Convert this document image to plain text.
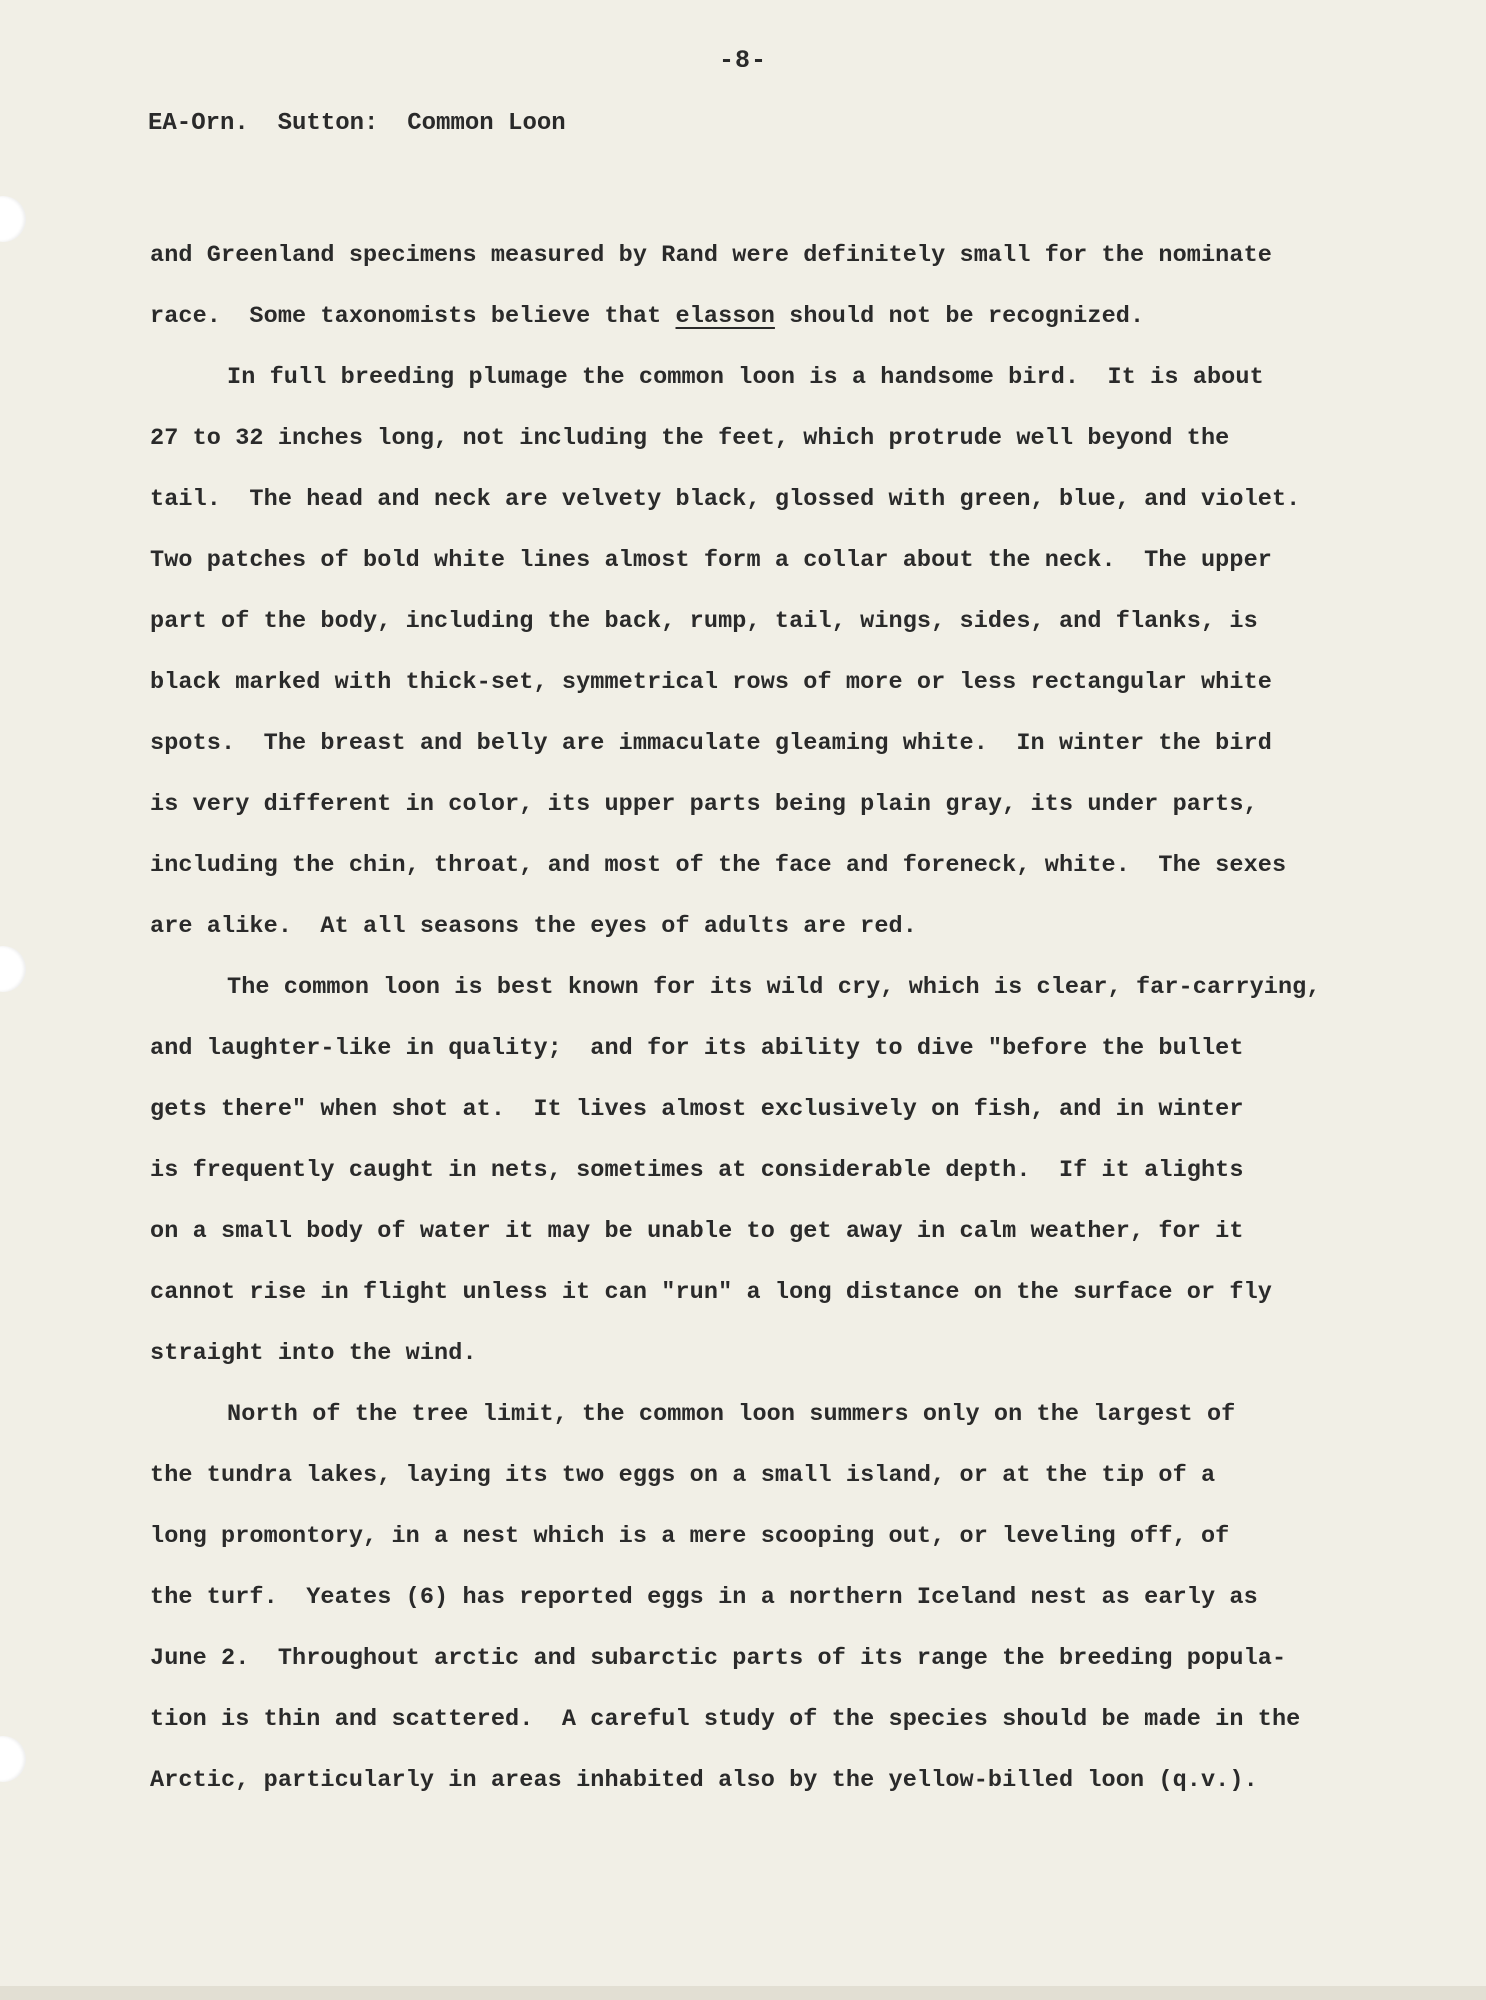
-8-
EA-Orn.  Sutton:  Common Loon
and Greenland specimens measured by Rand were definitely small for the nominate
race.  Some taxonomists believe that elasson should not be recognized.
In full breeding plumage the common loon is a handsome bird.  It is about
27 to 32 inches long, not including the feet, which protrude well beyond the
tail.  The head and neck are velvety black, glossed with green, blue, and violet.
Two patches of bold white lines almost form a collar about the neck.  The upper
part of the body, including the back, rump, tail, wings, sides, and flanks, is
black marked with thick-set, symmetrical rows of more or less rectangular white
spots.  The breast and belly are immaculate gleaming white.  In winter the bird
is very different in color, its upper parts being plain gray, its under parts,
including the chin, throat, and most of the face and foreneck, white.  The sexes
are alike.  At all seasons the eyes of adults are red.
The common loon is best known for its wild cry, which is clear, far-carrying,
and laughter-like in quality;  and for its ability to dive "before the bullet
gets there" when shot at.  It lives almost exclusively on fish, and in winter
is frequently caught in nets, sometimes at considerable depth.  If it alights
on a small body of water it may be unable to get away in calm weather, for it
cannot rise in flight unless it can "run" a long distance on the surface or fly
straight into the wind.
North of the tree limit, the common loon summers only on the largest of
the tundra lakes, laying its two eggs on a small island, or at the tip of a
long promontory, in a nest which is a mere scooping out, or leveling off, of
the turf.  Yeates (6) has reported eggs in a northern Iceland nest as early as
June 2.  Throughout arctic and subarctic parts of its range the breeding popula-
tion is thin and scattered.  A careful study of the species should be made in the
Arctic, particularly in areas inhabited also by the yellow-billed loon (q.v.).
